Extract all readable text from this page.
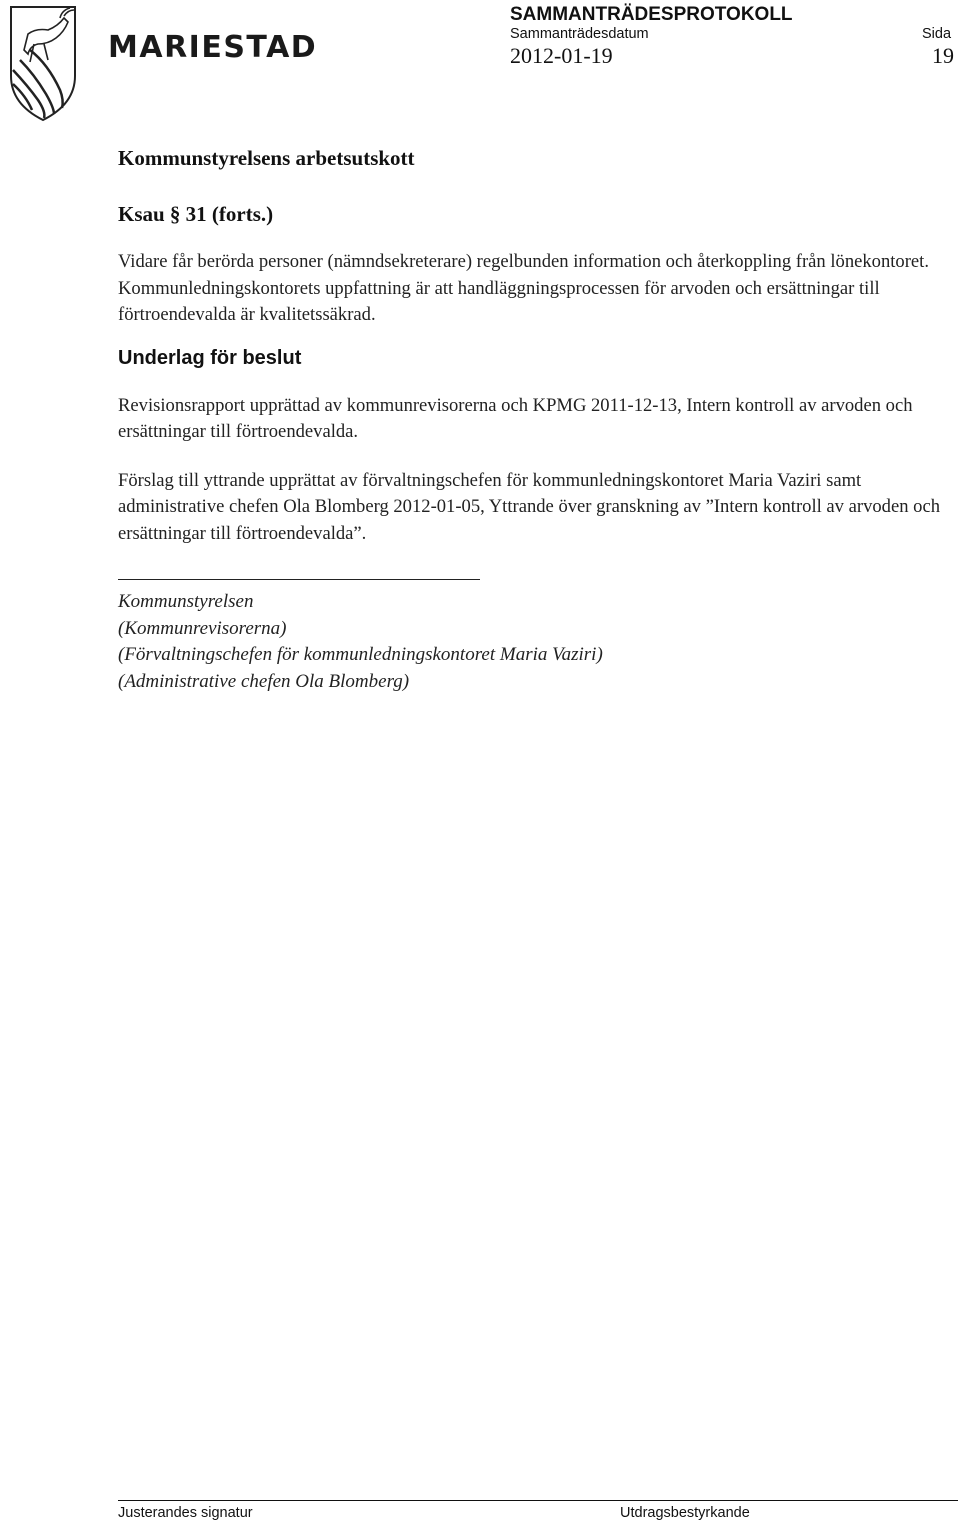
MARIESTAD
SAMMANTRÄDESPROTOKOLL
Sammanträdesdatum	Sida
2012-01-19	19
Kommunstyrelsens arbetsutskott
Ksau § 31 (forts.)

Vidare får berörda personer (nämndsekreterare) regelbunden information och återkoppling från lönekontoret. Kommunledningskontorets uppfattning är att handläggningsprocessen för arvoden och ersättningar till förtroendevalda är kvalitetssäkrad.

Underlag för beslut

Revisionsrapport upprättad av kommunrevisorerna och KPMG 2011-12-13, Intern kontroll av arvoden och ersättningar till förtroendevalda.

Förslag till yttrande upprättat av förvaltningschefen för kommunledningskontoret Maria Vaziri samt administrative chefen Ola Blomberg 2012-01-05, Yttrande över granskning av ”Intern kontroll av arvoden och ersättningar till förtroendevalda”.

Kommunstyrelsen
(Kommunrevisorerna)
(Förvaltningschefen för kommunledningskontoret Maria Vaziri)
(Administrative chefen Ola Blomberg)
Justerandes signatur	Utdragsbestyrkande
